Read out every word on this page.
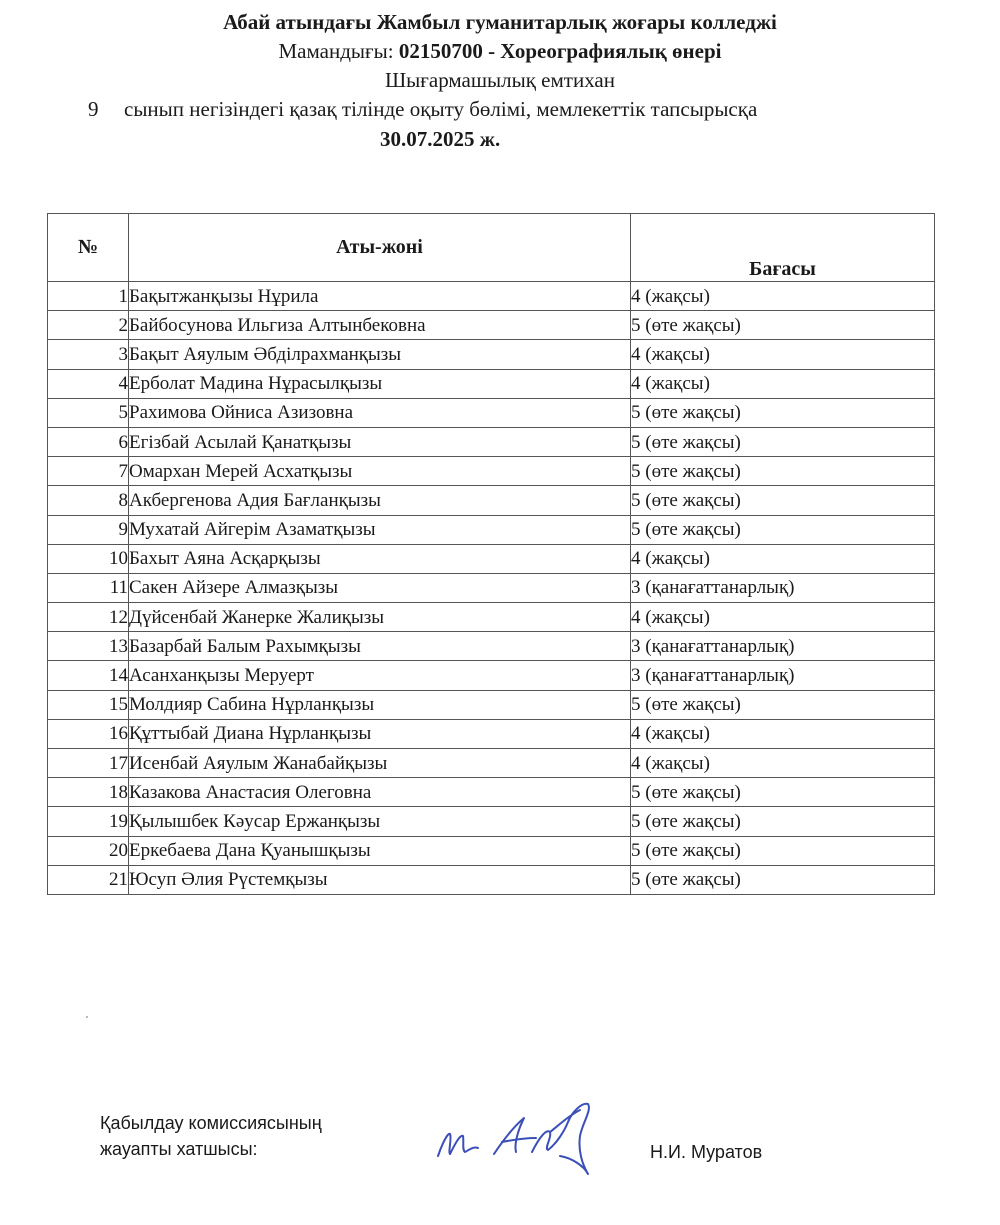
Абай атындағы Жамбыл гуманитарлық жоғары колледжі
Мамандығы: 02150700 - Хореографиялық өнері
Шығармашылық емтихан
9 сынып негізіндегі қазақ тілінде оқыту бөлімі, мемлекеттік тапсырысқа
30.07.2025 ж.
№	Аты-жоні	Бағасы
1	Бақытжанқызы Нұрила	4 (жақсы)
2	Байбосунова Ильгиза Алтынбековна	5 (өте жақсы)
3	Бақыт Аяулым Әбділрахманқызы	4 (жақсы)
4	Ерболат Мадина Нұрасылқызы	4 (жақсы)
5	Рахимова Ойниса Азизовна	5 (өте жақсы)
6	Егізбай Асылай Қанатқызы	5 (өте жақсы)
7	Омархан Мерей Асхатқызы	5 (өте жақсы)
8	Акбергенова Адия Бағланқызы	5 (өте жақсы)
9	Мухатай Айгерім Азаматқызы	5 (өте жақсы)
10	Бахыт Аяна Асқарқызы	4 (жақсы)
11	Сакен Айзере Алмазқызы	3 (қанағаттанарлық)
12	Дүйсенбай Жанерке Жалиқызы	4 (жақсы)
13	Базарбай Балым Рахымқызы	3 (қанағаттанарлық)
14	Асанханқызы Меруерт	3 (қанағаттанарлық)
15	Молдияр Сабина Нұрланқызы	5 (өте жақсы)
16	Құттыбай Диана Нұрланқызы	4 (жақсы)
17	Исенбай Аяулым Жанабайқызы	4 (жақсы)
18	Казакова Анастасия Олеговна	5 (өте жақсы)
19	Қылышбек Кәусар Ержанқызы	5 (өте жақсы)
20	Еркебаева Дана Қуанышқызы	5 (өте жақсы)
21	Юсуп Әлия Рүстемқызы	5 (өте жақсы)
Қабылдау комиссиясының
жауапты хатшысы:	Н.И. Муратов
